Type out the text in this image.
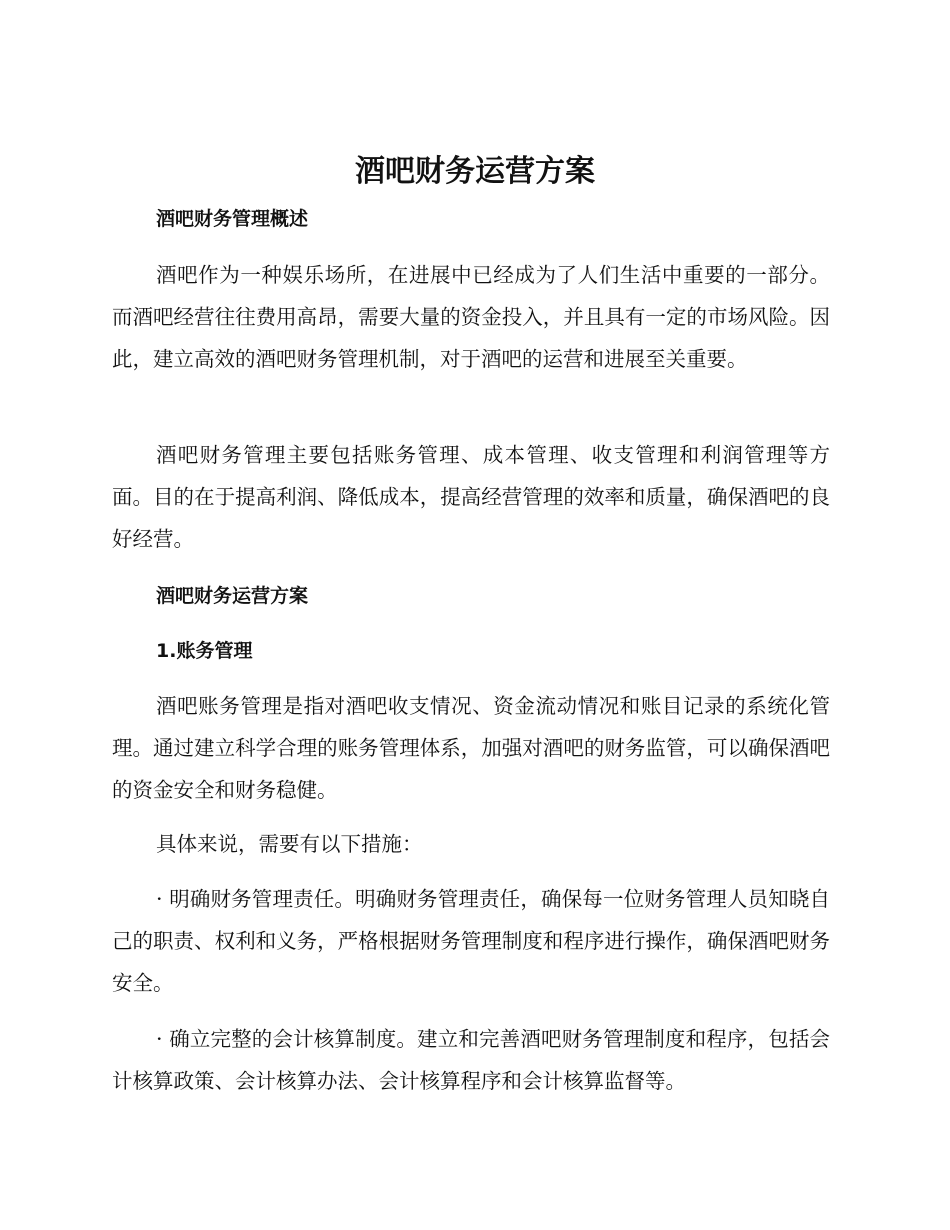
酒吧财务运营方案
酒吧财务管理概述

酒吧作为一种娱乐场所，在进展中已经成为了人们生活中重要的一部分。而酒吧经营往往费用高昂，需要大量的资金投入，并且具有一定的市场风险。因此，建立高效的酒吧财务管理机制，对于酒吧的运营和进展至关重要。

酒吧财务管理主要包括账务管理、成本管理、收支管理和利润管理等方面。目的在于提高利润、降低成本，提高经营管理的效率和质量，确保酒吧的良好经营。

酒吧财务运营方案
1.账务管理

酒吧账务管理是指对酒吧收支情况、资金流动情况和账目记录的系统化管理。通过建立科学合理的账务管理体系，加强对酒吧的财务监管，可以确保酒吧的资金安全和财务稳健。

具体来说，需要有以下措施：

· 明确财务管理责任。明确财务管理责任，确保每一位财务管理人员知晓自己的职责、权利和义务，严格根据财务管理制度和程序进行操作，确保酒吧财务安全。

· 确立完整的会计核算制度。建立和完善酒吧财务管理制度和程序，包括会计核算政策、会计核算办法、会计核算程序和会计核算监督等。
